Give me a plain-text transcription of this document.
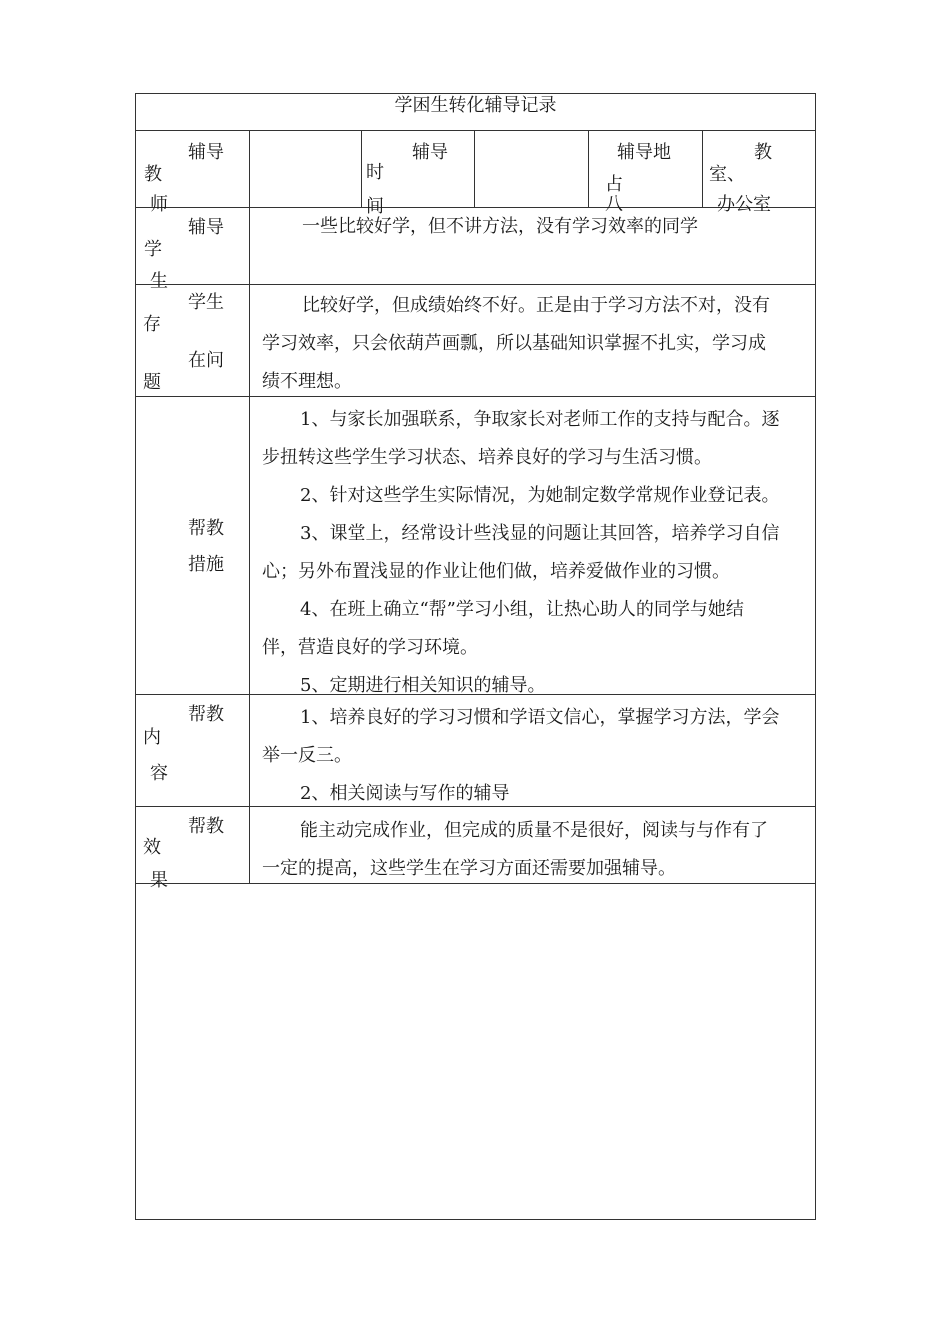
学困生转化辅导记录
辅导
教
师
辅导
时
间
辅导地
占
八
教
室、
办公室
辅导
学
生
一些比较好学，但不讲方法，没有学习效率的同学
学生
存
在问
题
比较好学，但成绩始终不好。正是由于学习方法不对，没有
学习效率，只会依葫芦画瓢，所以基础知识掌握不扎实，学习成
绩不理想。
帮教
措施
1、与家长加强联系，争取家长对老师工作的支持与配合。逐
步扭转这些学生学习状态、培养良好的学习与生活习惯。
2、针对这些学生实际情况，为她制定数学常规作业登记表。
3、课堂上，经常设计些浅显的问题让其回答，培养学习自信
心；另外布置浅显的作业让他们做，培养爱做作业的习惯。
4、在班上确立“帮”学习小组，让热心助人的同学与她结
伴，营造良好的学习环境。
5、定期进行相关知识的辅导。
帮教
内
容
1、培养良好的学习习惯和学语文信心，掌握学习方法，学会
举一反三。
2、相关阅读与写作的辅导
帮教
效
果
能主动完成作业，但完成的质量不是很好，阅读与与作有了
一定的提高，这些学生在学习方面还需要加强辅导。
